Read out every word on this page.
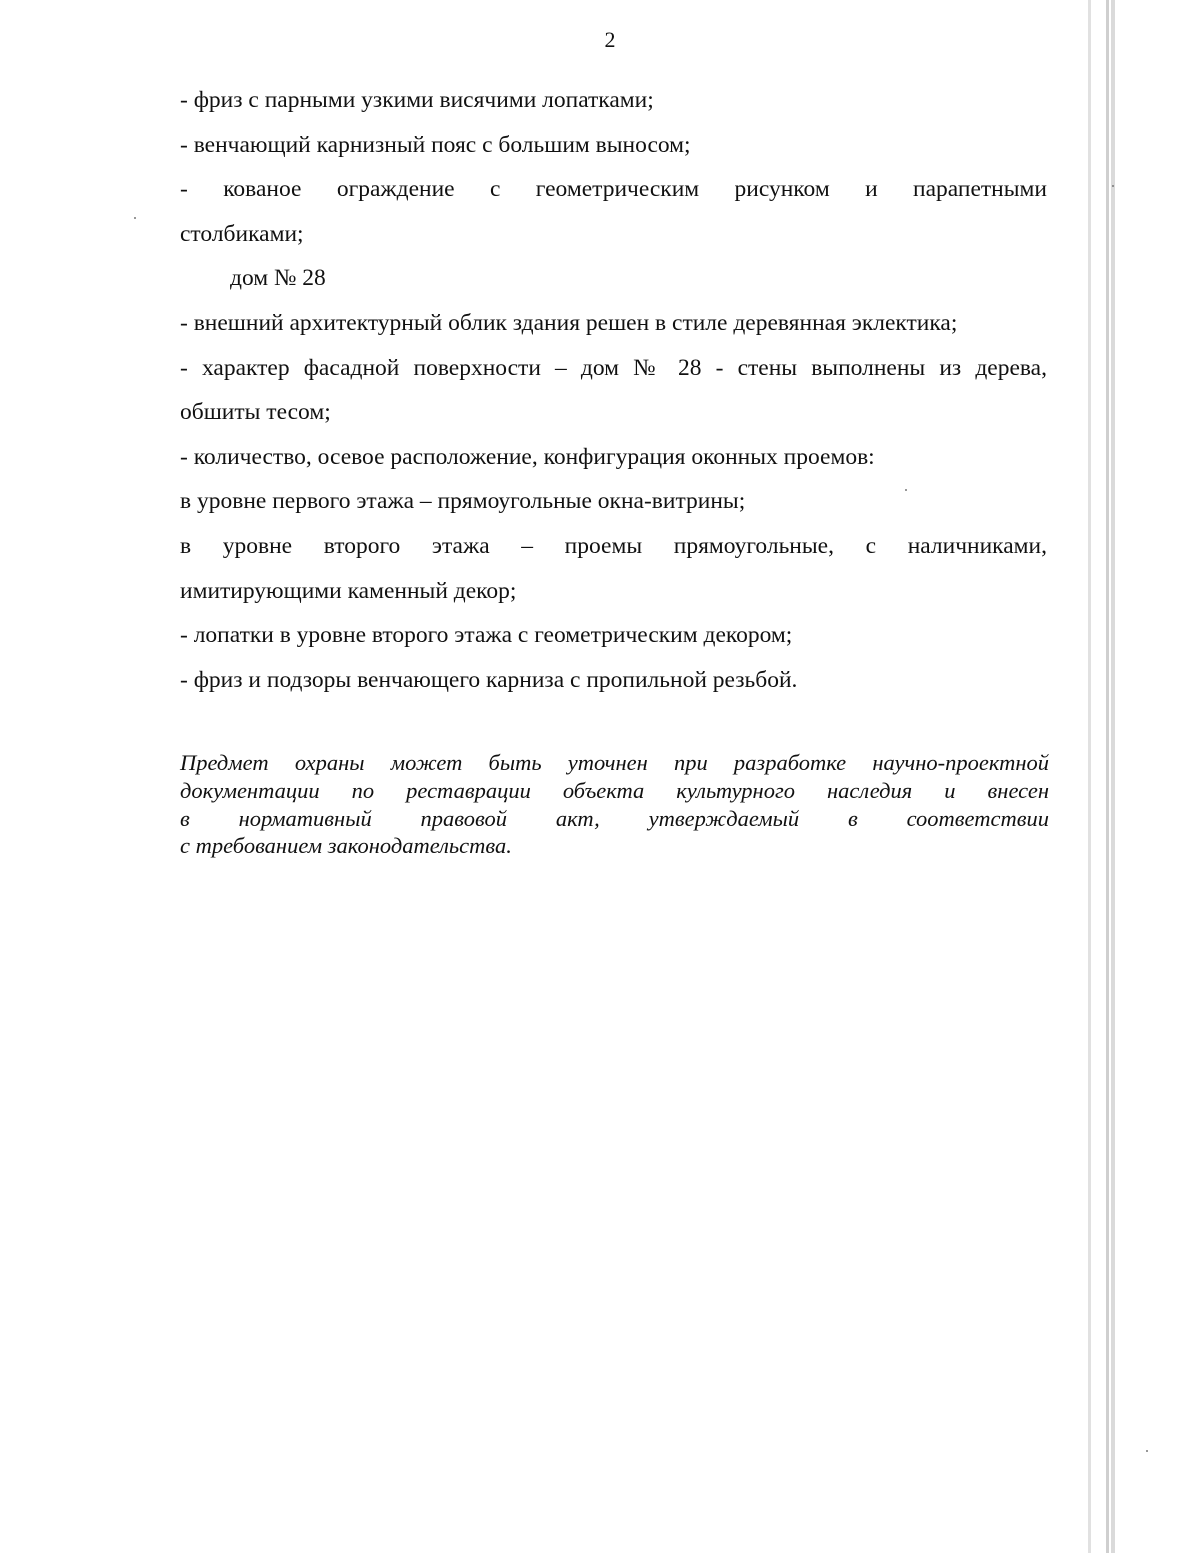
2
- фриз с парными узкими висячими лопатками;
- венчающий карнизный пояс с большим выносом;
- кованое ограждение с геометрическим рисунком и парапетными
столбиками;
дом № 28
- внешний архитектурный облик здания решен в стиле деревянная эклектика;
- характер фасадной поверхности – дом № 28 - стены выполнены из дерева,
обшиты тесом;
- количество, осевое расположение, конфигурация оконных проемов:
в уровне первого этажа – прямоугольные окна-витрины;
в уровне второго этажа – проемы прямоугольные, с наличниками,
имитирующими каменный декор;
- лопатки в уровне второго этажа с геометрическим декором;
- фриз и подзоры венчающего карниза с пропильной резьбой.
Предмет охраны может быть уточнен при разработке научно-проектной
документации по реставрации объекта культурного наследия и внесен
в нормативный правовой акт, утверждаемый в соответствии
с требованием законодательства.
